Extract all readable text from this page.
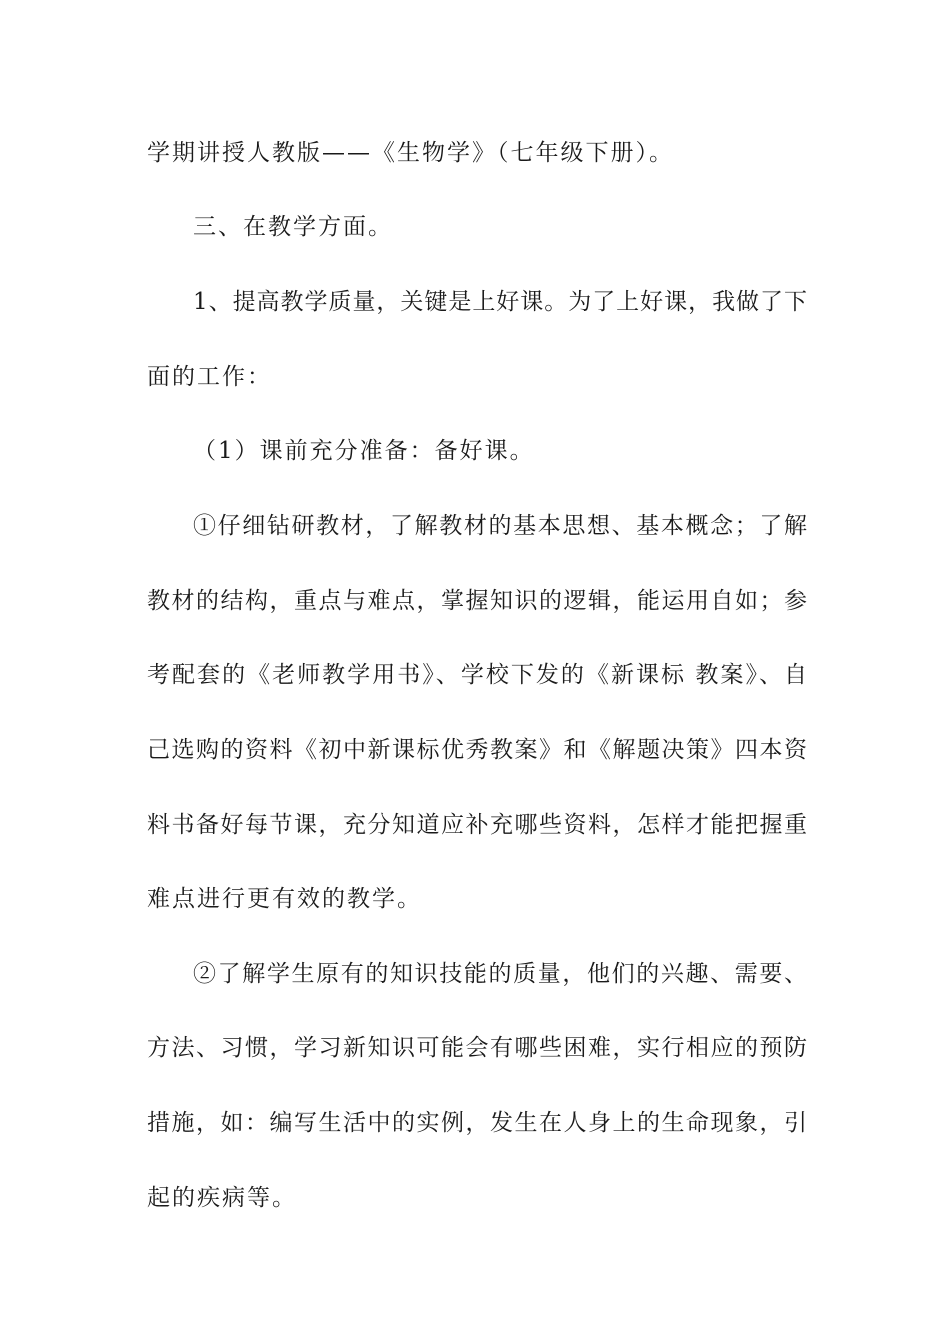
学期讲授人教版——《生物学》（七年级下册）。
三、在教学方面。
1、提高教学质量，关键是上好课。为了上好课，我做了下
面的工作：
（1）课前充分准备：备好课。
①仔细钻研教材，了解教材的基本思想、基本概念；了解
教材的结构，重点与难点，掌握知识的逻辑，能运用自如；参
考配套的《老师教学用书》、学校下发的《新课标 教案》、自
己选购的资料《初中新课标优秀教案》和《解题决策》四本资
料书备好每节课，充分知道应补充哪些资料，怎样才能把握重
难点进行更有效的教学。
②了解学生原有的知识技能的质量，他们的兴趣、需要、
方法、习惯，学习新知识可能会有哪些困难，实行相应的预防
措施，如：编写生活中的实例，发生在人身上的生命现象，引
起的疾病等。
